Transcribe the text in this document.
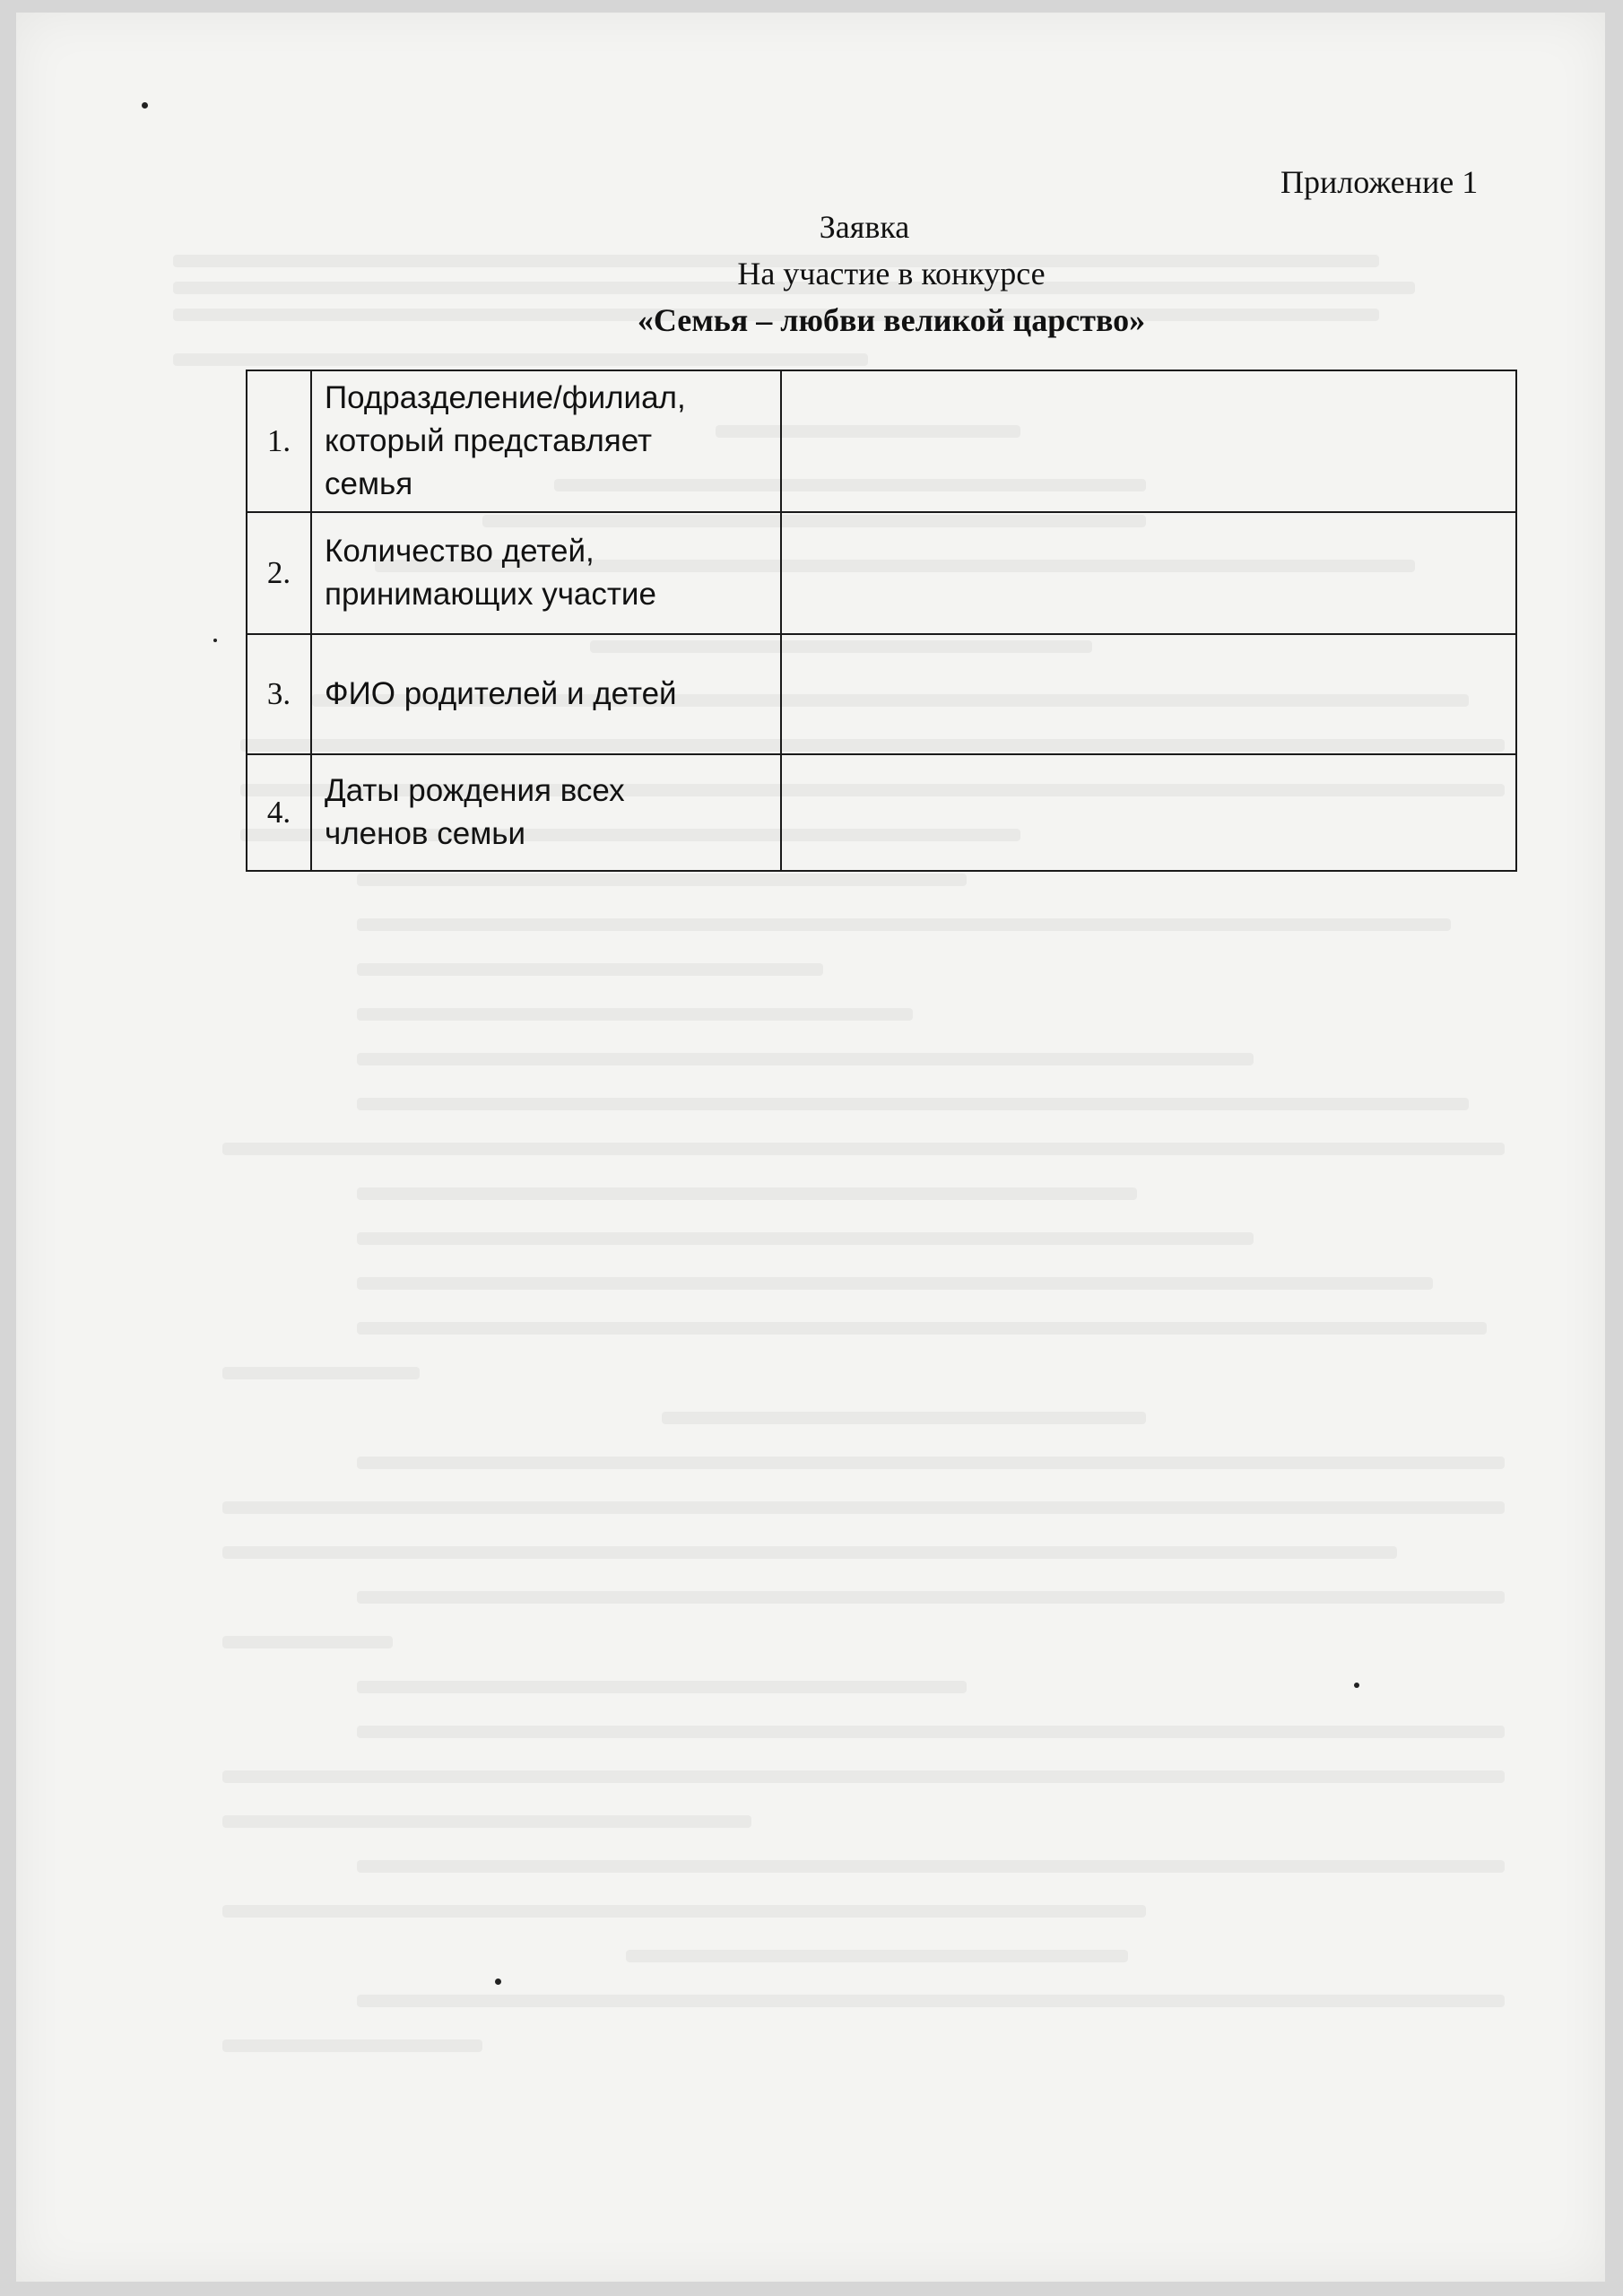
Приложение 1
Заявка
На участие в конкурсе
«Семья – любви великой царство»
1.	Подразделение/филиал,
который представляет
семья	

2.	Количество детей,
принимающих участие	

3.	ФИО родителей и детей	

4.	Даты рождения всех
членов семьи	
